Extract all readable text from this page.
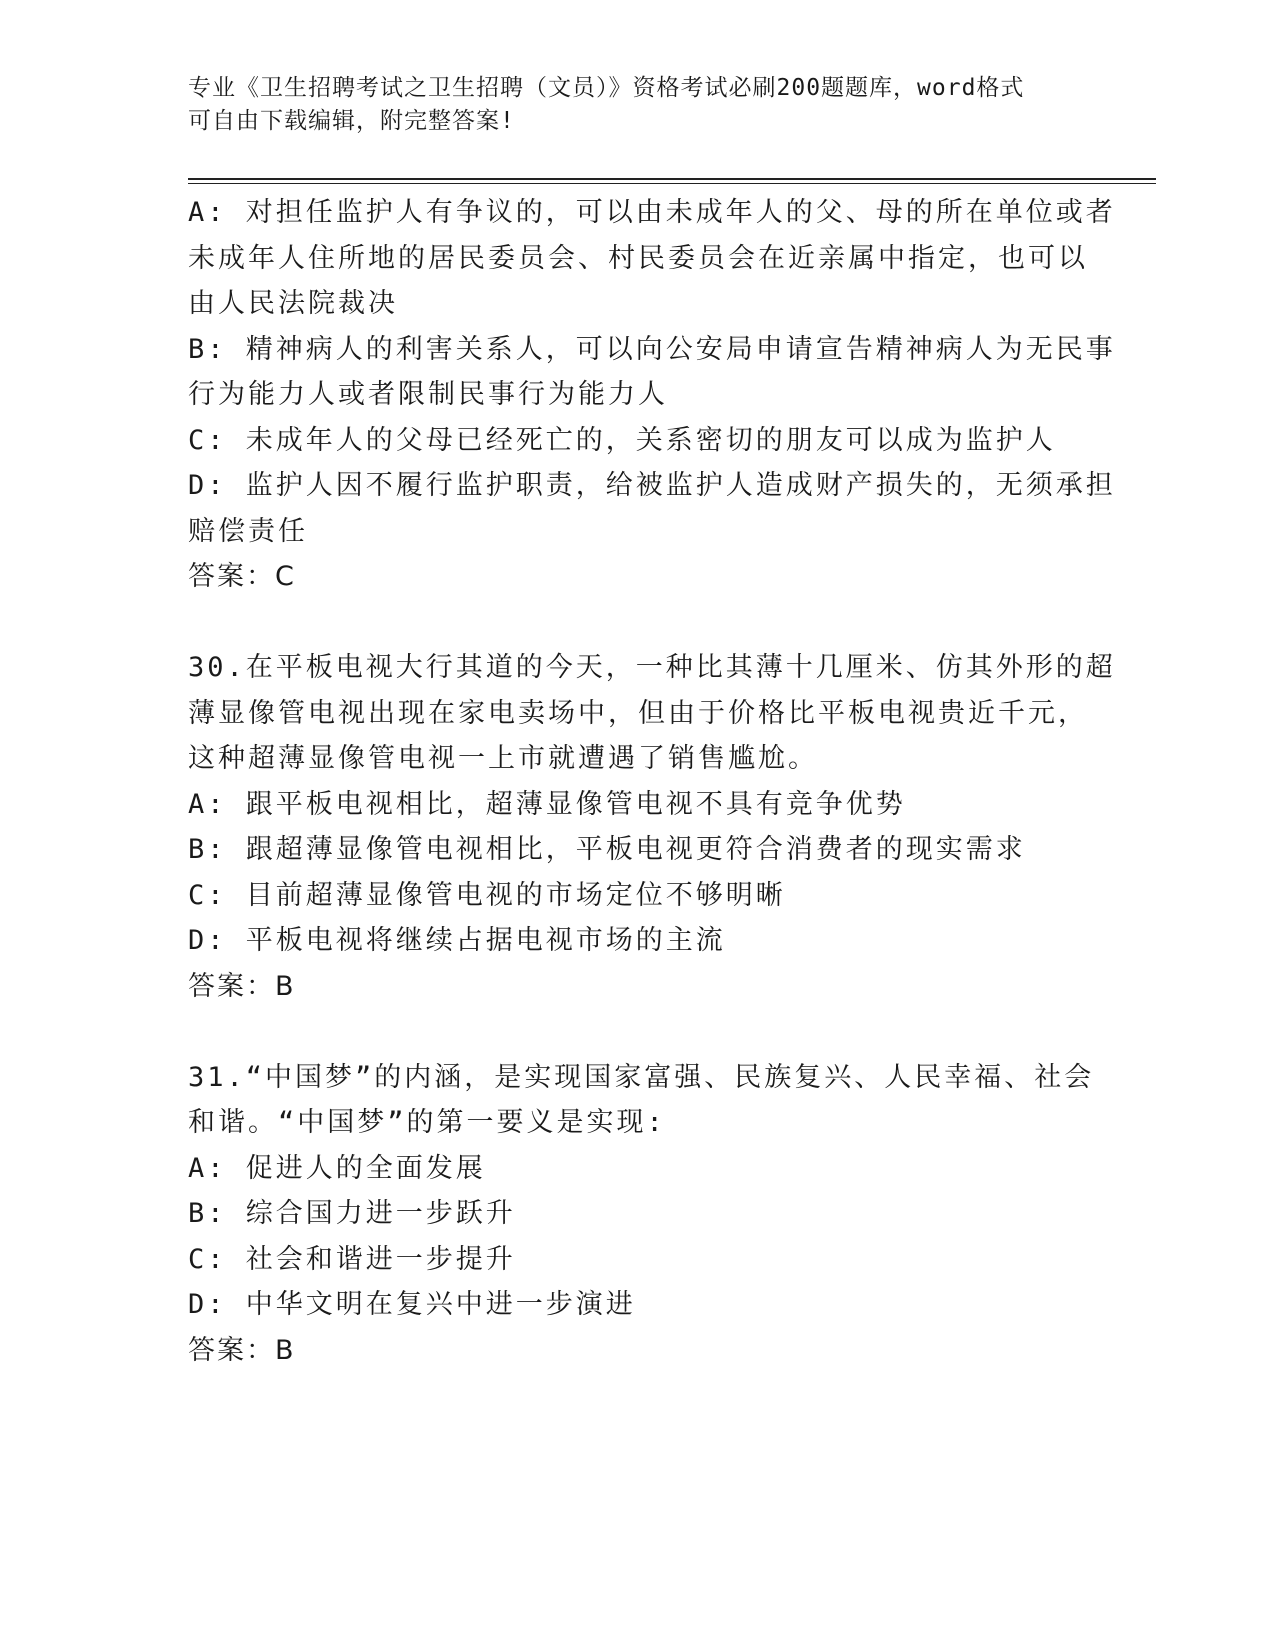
专业《卫生招聘考试之卫生招聘（文员）》资格考试必刷200题题库，word格式
可自由下载编辑，附完整答案!
A: 对担任监护人有争议的，可以由未成年人的父、母的所在单位或者
未成年人住所地的居民委员会、村民委员会在近亲属中指定，也可以
由人民法院裁决
B: 精神病人的利害关系人，可以向公安局申请宣告精神病人为无民事
行为能力人或者限制民事行为能力人
C: 未成年人的父母已经死亡的，关系密切的朋友可以成为监护人
D: 监护人因不履行监护职责，给被监护人造成财产损失的，无须承担
赔偿责任
答案：C
30.在平板电视大行其道的今天，一种比其薄十几厘米、仿其外形的超
薄显像管电视出现在家电卖场中，但由于价格比平板电视贵近千元，
这种超薄显像管电视一上市就遭遇了销售尴尬。
A: 跟平板电视相比，超薄显像管电视不具有竞争优势
B: 跟超薄显像管电视相比，平板电视更符合消费者的现实需求
C: 目前超薄显像管电视的市场定位不够明晰
D: 平板电视将继续占据电视市场的主流
答案：B
31.“中国梦”的内涵，是实现国家富强、民族复兴、人民幸福、社会
和谐。“中国梦”的第一要义是实现:
A: 促进人的全面发展
B: 综合国力进一步跃升
C: 社会和谐进一步提升
D: 中华文明在复兴中进一步演进
答案：B
